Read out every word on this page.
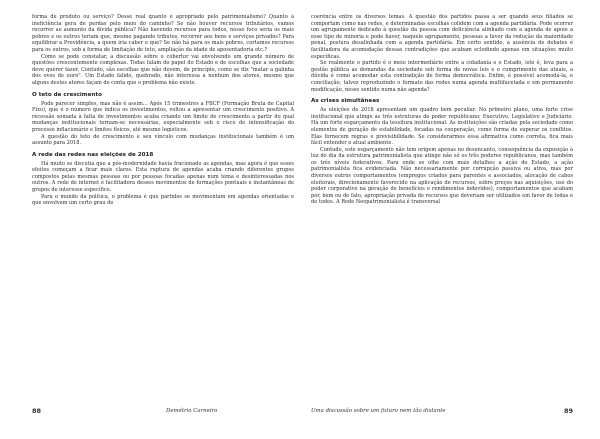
forma de produto ou serviço? Desse real quanto é apropriado pelo patrimonialismo? Quanto à ineficiência gera de perdas pelo meio do caminho? Se não houver recursos tributários, vamos recorrer ao aumento da dívida pública? Não havendo recursos para todos, nosso foco seria os mais pobres e os outros teriam que, mesmo pagando tributos, recorrer aos bens e serviços privados? Para equilibrar a Previdência, a quem iria caber o que? Se não há para os mais pobres, cortamos recursos para os outros, sob a forma de limitação de teto, ampliação da idade de aposentadoria etc.?

Como se pode constatar, a discussão sobre o cobertor vai envolvendo um grande número de questões crescentemente complexas. Todas falam do papel do Estado e de escolhas que a sociedade deve querer fazer. Contudo, são escolhas que não devem, de princípio, como se diz "matar a galinha dos ovos de ouro". Um Estado falido, quebrado, não interessa a nenhum dos atores, mesmo que alguns destes atores façam de conta que o problema não existe.

O teto de crescimento

Pode parecer simples, mas não é assim... Após 15 trimestres a FBCF (Formação Bruta de Capital Fixo), que é o número que indica os investimentos, voltou a apresentar um crescimento positivo. A recessão somada à falta de investimentos acaba criando um limite de crescimento a partir do qual mudanças institucionais tornam-se necessárias, especialmente sob o risco de intensificação do processo inflacionário e limites físicos, até mesmo logísticos.

A questão do teto de crescimento e seu vínculo com mudanças institucionais também é um assunto para 2018.

A rede das redes nas eleições de 2018

Há muito se discutia que a pós-modernidade havia fracionado as agendas, mas agora é que esses efeitos começam a ficar mais claros. Esta ruptura de agendas acaba criando diferentes grupos compostos pelas mesmas pessoas ou por pessoas focadas apenas num tema e desinteressadas nos outros. A rede de internet é facilitadora desses movimentos de formações pontuais e instantâneas de grupos de interesse específico.

Para o mundo da política, o problema é que partidos se movimentam em agendas orientadas e que envolvem um certo grau de

coerência entre os diversos temas. A questão dos partidos passa a ser quando seus filiados se comportam como nas redes, e determinadas escolhas colidem com a agenda partidária. Pode ocorrer um agrupamento dedicado à questão da pessoa com deficiência alinhado com a agenda de apoio a esse tipo de minoria e pode haver, naquele agrupamento, pessoas a favor da redução da maioridade penal, postura desalinhada com a agenda partidária. Em certo sentido, a ausência de debates é facilitadora da acomodação dessas contradições que acabam eclodindo apenas em situações muito específicas.

Se realmente o partido é o meio intermediário entre a cidadania e o Estado, isto é, leva para a gestão pública as demandas da sociedade sob forma de novas leis e o cumprimento das atuais, a dúvida é como acomodar esta contradição de forma democrática. Enfim, é possível acomodá-la, e conciliação, talvez reproduzindo o formato das redes numa agenda multifacetada e em permanente modificação, nesse sentido numa não agenda?

As crises simultâneas

As eleições de 2018 apresentam um quadro bem peculiar. No primeiro plano, uma forte crise institucional que atinge as três estruturas de poder republicano: Executivo, Legislativo e Judiciário. Há um forte esgarçamento da tessitura institucional. As instituições são criadas pela sociedade como elementos de geração de estabilidade, focadas na cooperação, como forma de superar os conflitos. Elas fornecem regras e previsibilidade. Se considerarmos essa afirmativa como correta, fica mais fácil entender o atual ambiente.

Contudo, este esgarçamento não tem origem apenas no desencanto, consequência da exposição à luz do dia da estrutura patrimonialista que atinge não só os três poderes republicanos, mas também os três níveis federativos. Para onde se olhe com mais detalhes a ação do Estado, a ação patrimonialista fica evidenciada. Não necessariamente por corrupção passiva ou ativa, mas por diversos outros comportamentos (empregos criados para parentes e associados, alocação de cabos eleitorais, direcionamento favorecido na aplicação de recursos, sobre preços nas aquisições, uso do poder corporativo na geração de benefícios e rendimentos indevidos), comportamentos que acabam por, bem ou de fato, apropriação privada de recursos que deveriam ser utilizados em favor de todas e de todos. A Rede Neopatrimonialista é transversal

88	Demétrio Carneiro	Uma discussão sobre um futuro nem tão distante	89
